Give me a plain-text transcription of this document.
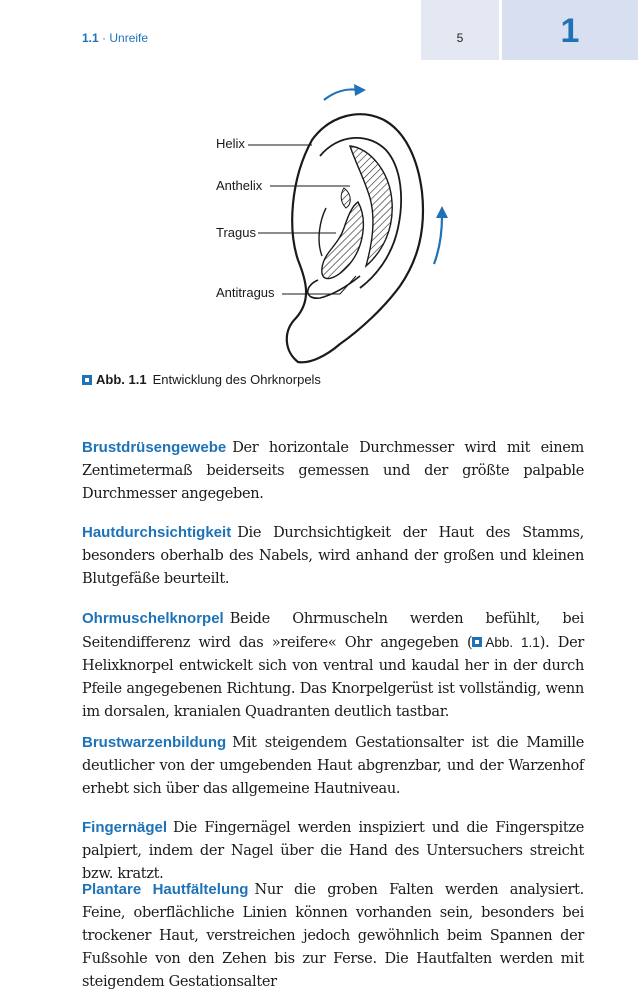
1.1 · Unreife	5	1
Helix
Anthelix
Tragus
Antitragus
Abb. 1.1 Entwicklung des Ohrknorpels
Brustdrüsengewebe Der horizontale Durchmesser wird mit einem Zentimetermaß beiderseits gemessen und der größte palpable Durchmesser angegeben.
Hautdurchsichtigkeit Die Durchsichtigkeit der Haut des Stamms, besonders oberhalb des Nabels, wird anhand der großen und kleinen Blutgefäße beurteilt.
Ohrmuschelknorpel Beide Ohrmuscheln werden befühlt, bei Seitendifferenz wird das »reifere« Ohr angegeben ( Abb. 1.1). Der Helixknorpel entwickelt sich von ventral und kaudal her in der durch Pfeile angegebenen Richtung. Das Knorpelgerüst ist vollständig, wenn im dorsalen, kranialen Quadranten deutlich tastbar.
Brustwarzenbildung Mit steigendem Gestationsalter ist die Mamille deutlicher von der umgebenden Haut abgrenzbar, und der Warzenhof erhebt sich über das allgemeine Hautniveau.
Fingernägel Die Fingernägel werden inspiziert und die Fingerspitze palpiert, indem der Nagel über die Hand des Untersuchers streicht bzw. kratzt.
Plantare Hautfältelung Nur die groben Falten werden analysiert. Feine, oberflächliche Linien können vorhanden sein, besonders bei trockener Haut, verstreichen jedoch gewöhnlich beim Spannen der Fußsohle von den Zehen bis zur Ferse. Die Hautfalten werden mit steigendem Gestationsalter
